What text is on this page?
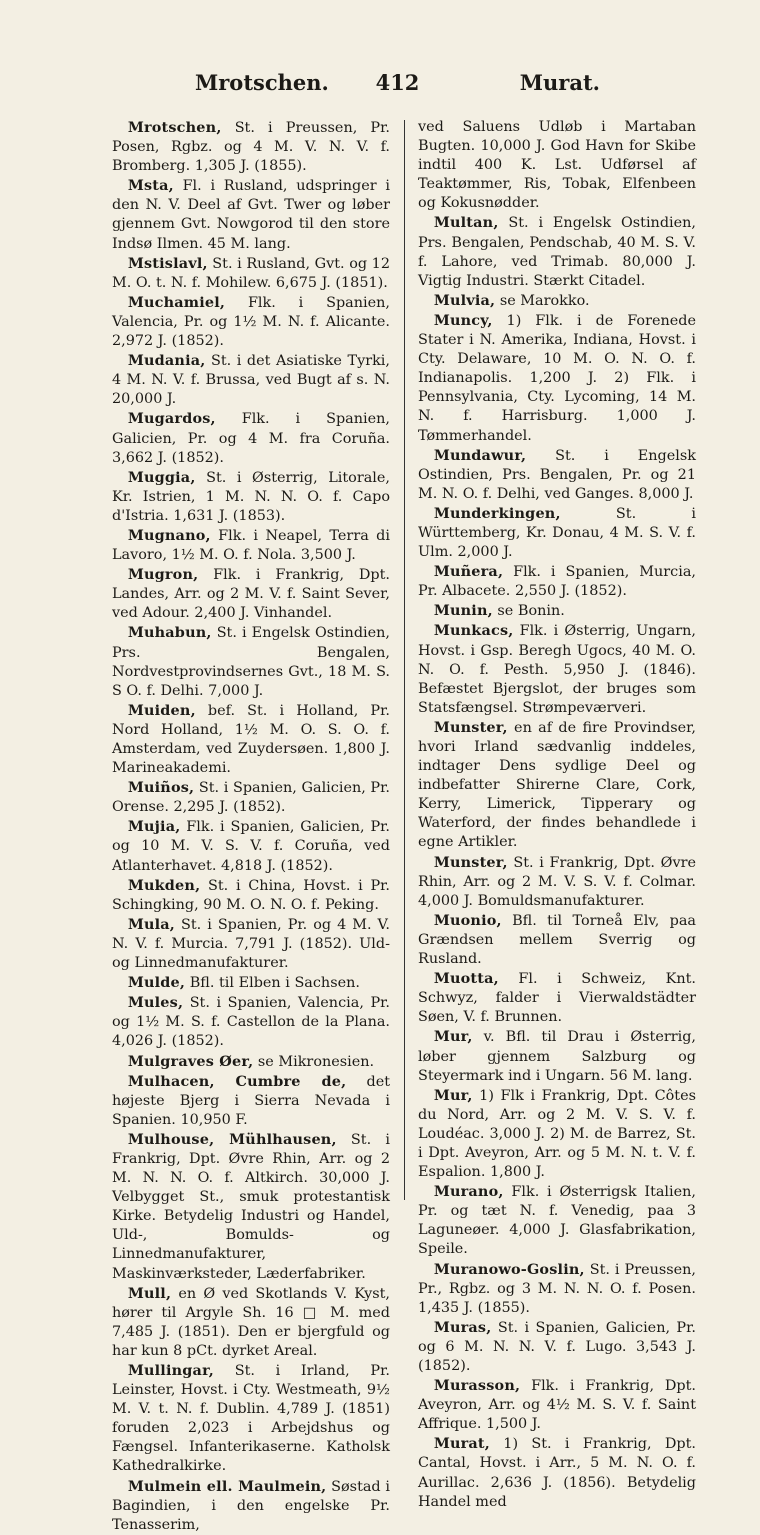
Mrotschen.	412	Murat.

Mrotschen, St. i Preussen, Pr. Posen, Rgbz. og 4 M. V. N. V. f. Bromberg. 1,305 J. (1855).

Msta, Fl. i Rusland, udspringer i den N. V. Deel af Gvt. Twer og løber gjennem Gvt. Nowgorod til den store Indsø Ilmen. 45 M. lang.

Mstislavl, St. i Rusland, Gvt. og 12 M. O. t. N. f. Mohilew. 6,675 J. (1851).

Muchamiel, Flk. i Spanien, Valencia, Pr. og 1½ M. N. f. Alicante. 2,972 J. (1852).

Mudania, St. i det Asiatiske Tyrki, 4 M. N. V. f. Brussa, ved Bugt af s. N. 20,000 J.

Mugardos, Flk. i Spanien, Galicien, Pr. og 4 M. fra Coruña. 3,662 J. (1852).

Muggia, St. i Østerrig, Litorale, Kr. Istrien, 1 M. N. N. O. f. Capo d'Istria. 1,631 J. (1853).

Mugnano, Flk. i Neapel, Terra di Lavoro, 1½ M. O. f. Nola. 3,500 J.

Mugron, Flk. i Frankrig, Dpt. Landes, Arr. og 2 M. V. f. Saint Sever, ved Adour. 2,400 J. Vinhandel.

Muhabun, St. i Engelsk Ostindien, Prs. Bengalen, Nordvestprovindsernes Gvt., 18 M. S. S O. f. Delhi. 7,000 J.

Muiden, bef. St. i Holland, Pr. Nord Holland, 1½ M. O. S. O. f. Amsterdam, ved Zuydersøen. 1,800 J. Marineakademi.

Muiños, St. i Spanien, Galicien, Pr. Orense. 2,295 J. (1852).

Mujia, Flk. i Spanien, Galicien, Pr. og 10 M. V. S. V. f. Coruña, ved Atlanterhavet. 4,818 J. (1852).

Mukden, St. i China, Hovst. i Pr. Schingking, 90 M. O. N. O. f. Peking.

Mula, St. i Spanien, Pr. og 4 M. V. N. V. f. Murcia. 7,791 J. (1852). Uld- og Linnedmanufakturer.

Mulde, Bfl. til Elben i Sachsen.

Mules, St. i Spanien, Valencia, Pr. og 1½ M. S. f. Castellon de la Plana. 4,026 J. (1852).

Mulgraves Øer, se Mikronesien.

Mulhacen, Cumbre de, det højeste Bjerg i Sierra Nevada i Spanien. 10,950 F.

Mulhouse, Mühlhausen, St. i Frankrig, Dpt. Øvre Rhin, Arr. og 2 M. N. N. O. f. Altkirch. 30,000 J. Velbygget St., smuk protestantisk Kirke. Betydelig Industri og Handel, Uld-, Bomulds- og Linnedmanufakturer, Maskinværksteder, Læderfabriker.

Mull, en Ø ved Skotlands V. Kyst, hører til Argyle Sh. 16 □ M. med 7,485 J. (1851). Den er bjergfuld og har kun 8 pCt. dyrket Areal.

Mullingar, St. i Irland, Pr. Leinster, Hovst. i Cty. Westmeath, 9½ M. V. t. N. f. Dublin. 4,789 J. (1851) foruden 2,023 i Arbejdshus og Fængsel. Infanterikaserne. Katholsk Kathedralkirke.

Mulmein ell. Maulmein, Søstad i Bagindien, i den engelske Pr. Tenasserim,

ved Saluens Udløb i Martaban Bugten. 10,000 J. God Havn for Skibe indtil 400 K. Lst. Udførsel af Teaktømmer, Ris, Tobak, Elfenbeen og Kokusnødder.

Multan, St. i Engelsk Ostindien, Prs. Bengalen, Pendschab, 40 M. S. V. f. Lahore, ved Trimab. 80,000 J. Vigtig Industri. Stærkt Citadel.

Mulvia, se Marokko.

Muncy, 1) Flk. i de Forenede Stater i N. Amerika, Indiana, Hovst. i Cty. Delaware, 10 M. O. N. O. f. Indianapolis. 1,200 J. 2) Flk. i Pennsylvania, Cty. Lycoming, 14 M. N. f. Harrisburg. 1,000 J. Tømmerhandel.

Mundawur, St. i Engelsk Ostindien, Prs. Bengalen, Pr. og 21 M. N. O. f. Delhi, ved Ganges. 8,000 J.

Munderkingen, St. i Württemberg, Kr. Donau, 4 M. S. V. f. Ulm. 2,000 J.

Muñera, Flk. i Spanien, Murcia, Pr. Albacete. 2,550 J. (1852).

Munin, se Bonin.

Munkacs, Flk. i Østerrig, Ungarn, Hovst. i Gsp. Beregh Ugocs, 40 M. O. N. O. f. Pesth. 5,950 J. (1846). Befæstet Bjergslot, der bruges som Statsfængsel. Strømpeværveri.

Munster, en af de fire Provindser, hvori Irland sædvanlig inddeles, indtager Dens sydlige Deel og indbefatter Shirerne Clare, Cork, Kerry, Limerick, Tipperary og Waterford, der findes behandlede i egne Artikler.

Munster, St. i Frankrig, Dpt. Øvre Rhin, Arr. og 2 M. V. S. V. f. Colmar. 4,000 J. Bomuldsmanufakturer.

Muonio, Bfl. til Torneå Elv, paa Grændsen mellem Sverrig og Rusland.

Muotta, Fl. i Schweiz, Knt. Schwyz, falder i Vierwaldstädter Søen, V. f. Brunnen.

Mur, v. Bfl. til Drau i Østerrig, løber gjennem Salzburg og Steyermark ind i Ungarn. 56 M. lang.

Mur, 1) Flk i Frankrig, Dpt. Côtes du Nord, Arr. og 2 M. V. S. V. f. Loudéac. 3,000 J. 2) M. de Barrez, St. i Dpt. Aveyron, Arr. og 5 M. N. t. V. f. Espalion. 1,800 J.

Murano, Flk. i Østerrigsk Italien, Pr. og tæt N. f. Venedig, paa 3 Laguneøer. 4,000 J. Glasfabrikation, Speile.

Muranowo-Goslin, St. i Preussen, Pr., Rgbz. og 3 M. N. N. O. f. Posen. 1,435 J. (1855).

Muras, St. i Spanien, Galicien, Pr. og 6 M. N. N. V. f. Lugo. 3,543 J. (1852).

Murasson, Flk. i Frankrig, Dpt. Aveyron, Arr. og 4½ M. S. V. f. Saint Affrique. 1,500 J.

Murat, 1) St. i Frankrig, Dpt. Cantal, Hovst. i Arr., 5 M. N. O. f. Aurillac. 2,636 J. (1856). Betydelig Handel med
